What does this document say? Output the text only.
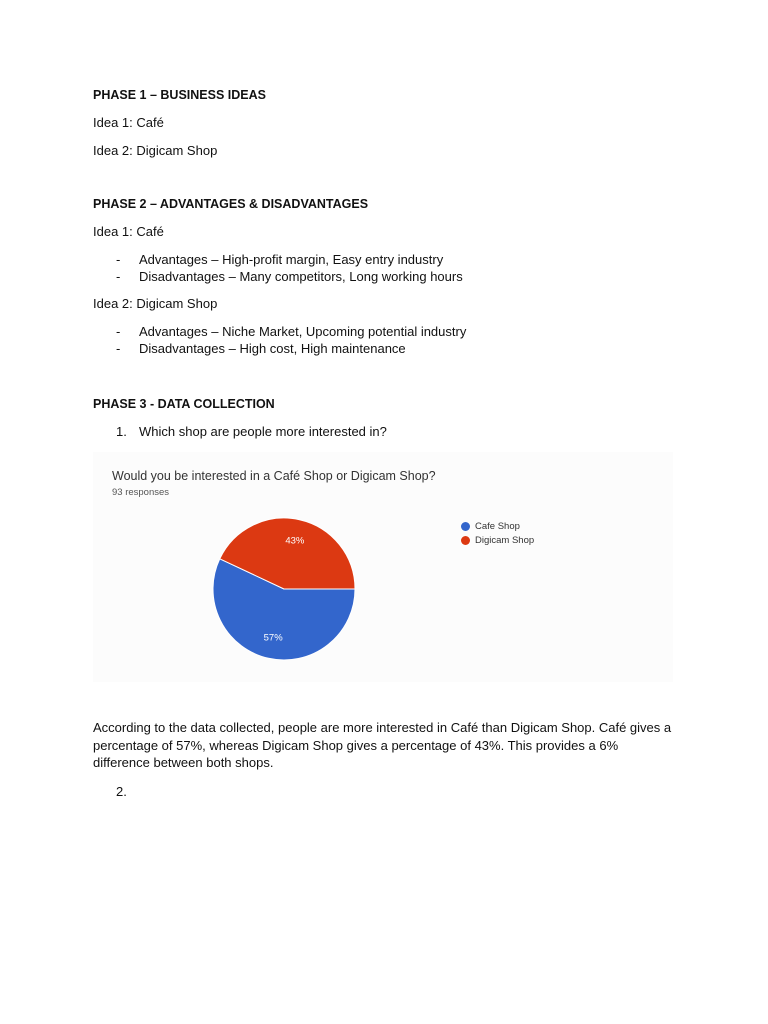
PHASE 1 – BUSINESS IDEAS
Idea 1: Café
Idea 2: Digicam Shop
PHASE 2 – ADVANTAGES & DISADVANTAGES
Idea 1: Café
- Advantages – High-profit margin, Easy entry industry
- Disadvantages – Many competitors, Long working hours
Idea 2: Digicam Shop
- Advantages – Niche Market, Upcoming potential industry
- Disadvantages – High cost, High maintenance
PHASE 3 - DATA COLLECTION
1. Which shop are people more interested in?
Would you be interested in a Café Shop or Digicam Shop?
93 responses
57%
43%
Cafe Shop
Digicam Shop
According to the data collected, people are more interested in Café than Digicam Shop. Café gives a percentage of 57%, whereas Digicam Shop gives a percentage of 43%. This provides a 6% difference between both shops.
2.
